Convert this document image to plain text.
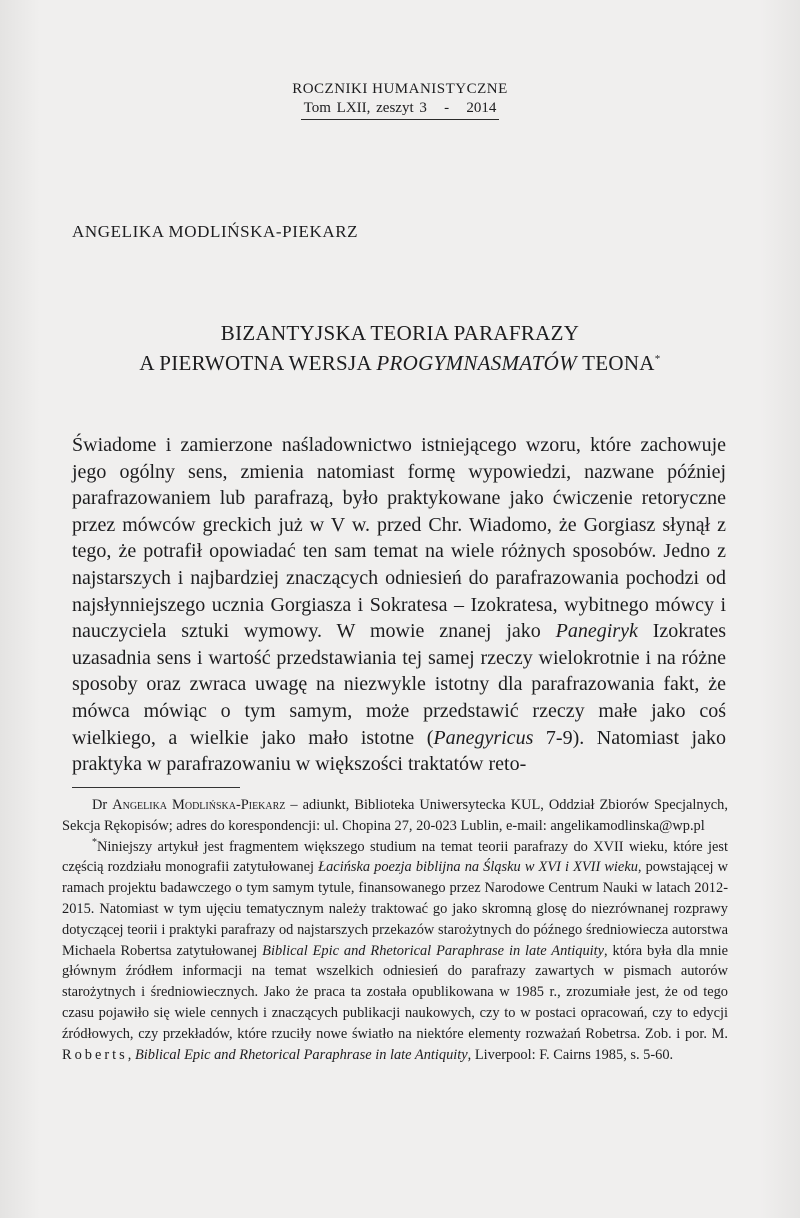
ROCZNIKI HUMANISTYCZNE
Tom LXII, zeszyt 3   -   2014
ANGELIKA MODLIŃSKA-PIEKARZ
BIZANTYJSKA TEORIA PARAFRAZY
A PIERWOTNA WERSJA PROGYMNASMATÓW TEONA*

Świadome i zamierzone naśladownictwo istniejącego wzoru, które zachowuje jego ogólny sens, zmienia natomiast formę wypowiedzi, nazwane później parafrazowaniem lub parafrazą, było praktykowane jako ćwiczenie retoryczne przez mówców greckich już w V w. przed Chr. Wiadomo, że Gorgiasz słynął z tego, że potrafił opowiadać ten sam temat na wiele różnych sposobów. Jedno z najstarszych i najbardziej znaczących odniesień do parafrazowania pochodzi od najsłynniejszego ucznia Gorgiasza i Sokratesa – Izokratesa, wybitnego mówcy i nauczyciela sztuki wymowy. W mowie znanej jako Panegiryk Izokrates uzasadnia sens i wartość przedstawiania tej samej rzeczy wielokrotnie i na różne sposoby oraz zwraca uwagę na niezwykle istotny dla parafrazowania fakt, że mówca mówiąc o tym samym, może przedstawić rzeczy małe jako coś wielkiego, a wielkie jako mało istotne (Panegyricus 7-9). Natomiast jako praktyka w parafrazowaniu w większości traktatów reto-

Dr Angelika Modlińska-Piekarz – adiunkt, Biblioteka Uniwersytecka KUL, Oddział Zbiorów Specjalnych, Sekcja Rękopisów; adres do korespondencji: ul. Chopina 27, 20-023 Lublin, e-mail: angelikamodlinska@wp.pl

*Niniejszy artykuł jest fragmentem większego studium na temat teorii parafrazy do XVII wieku, które jest częścią rozdziału monografii zatytułowanej Łacińska poezja biblijna na Śląsku w XVI i XVII wieku, powstającej w ramach projektu badawczego o tym samym tytule, finansowanego przez Narodowe Centrum Nauki w latach 2012-2015. Natomiast w tym ujęciu tematycznym należy traktować go jako skromną glosę do niezrównanej rozprawy dotyczącej teorii i praktyki parafrazy od najstarszych przekazów starożytnych do późnego średniowiecza autorstwa Michaela Robertsa zatytułowanej Biblical Epic and Rhetorical Paraphrase in late Antiquity, która była dla mnie głównym źródłem informacji na temat wszelkich odniesień do parafrazy zawartych w pismach autorów starożytnych i średniowiecznych. Jako że praca ta została opublikowana w 1985 r., zrozumiałe jest, że od tego czasu pojawiło się wiele cennych i znaczących publikacji naukowych, czy to w postaci opracowań, czy to edycji źródłowych, czy przekładów, które rzuciły nowe światło na niektóre elementy rozważań Robetrsa. Zob. i por. M. Roberts, Biblical Epic and Rhetorical Paraphrase in late Antiquity, Liverpool: F. Cairns 1985, s. 5-60.
